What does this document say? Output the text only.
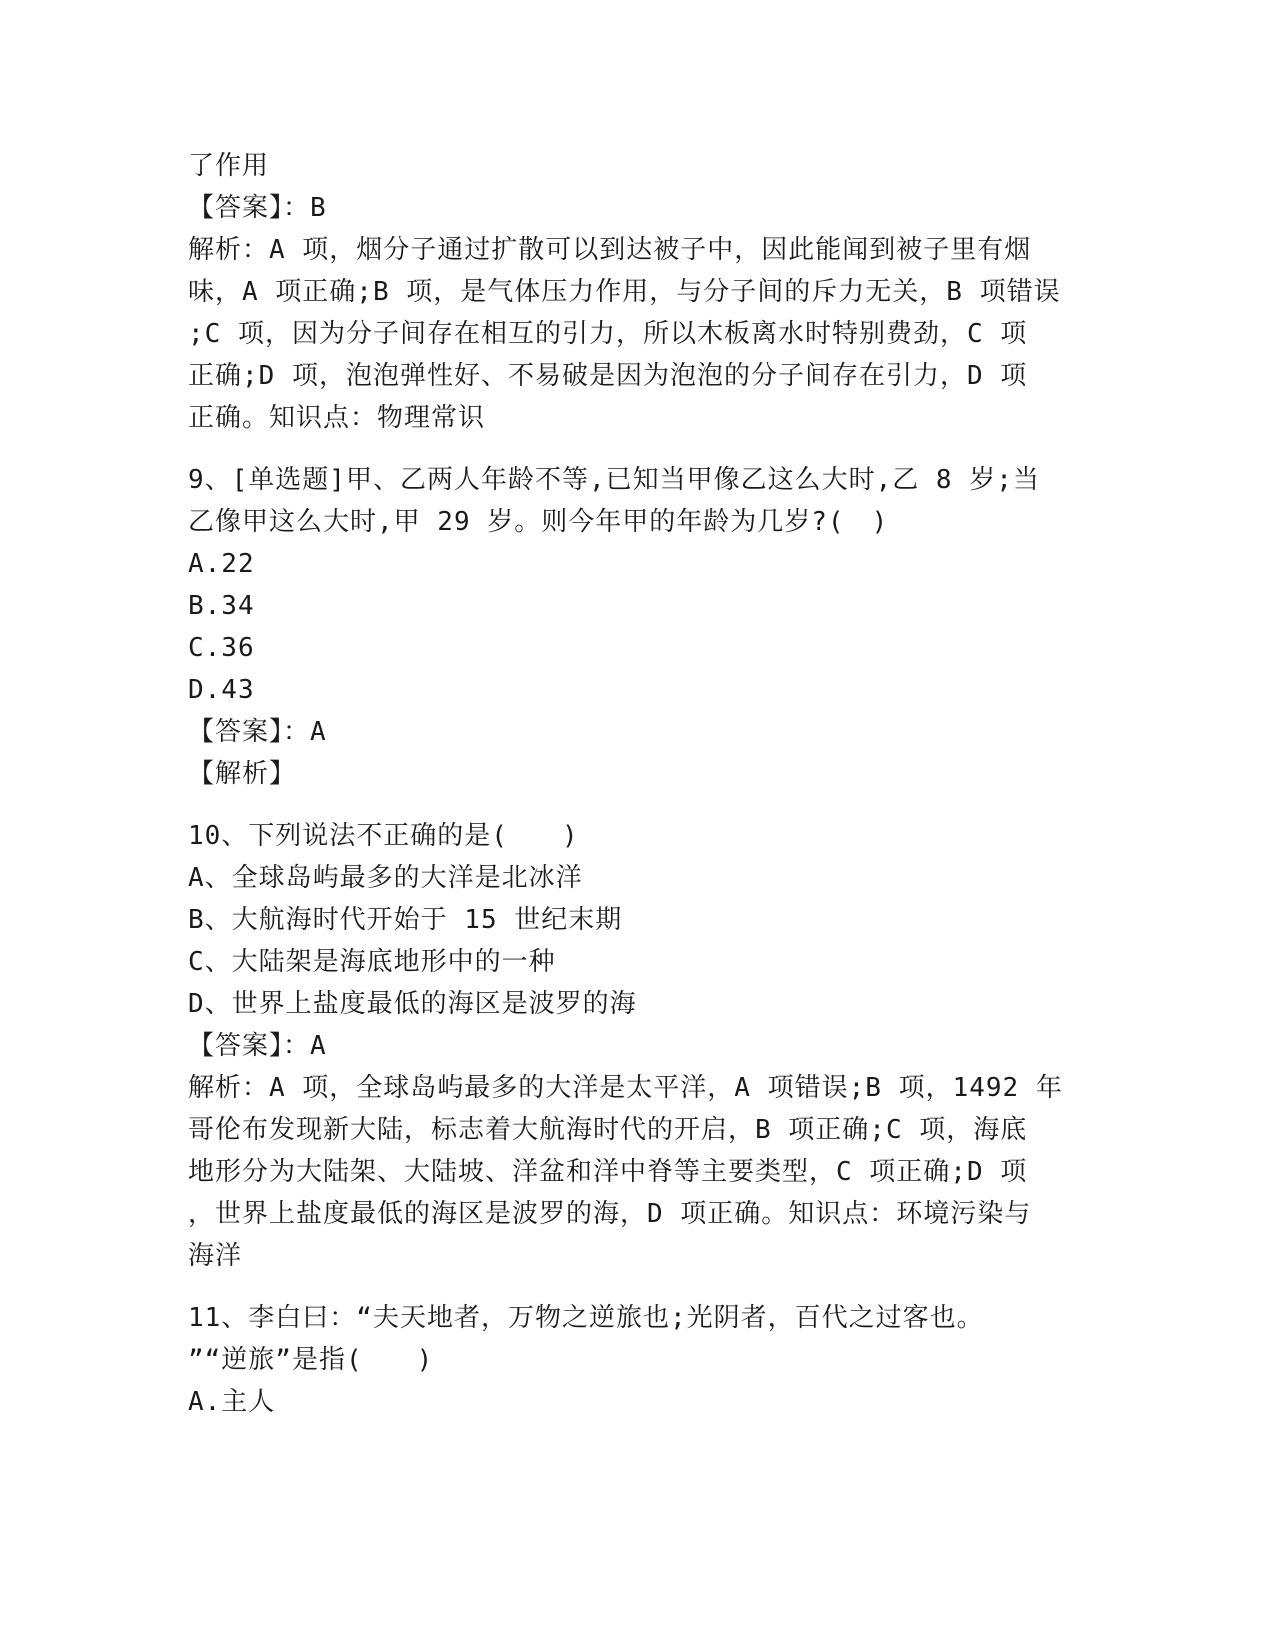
了作用
【答案】：B
解析：A 项，烟分子通过扩散可以到达被子中，因此能闻到被子里有烟
味，A 项正确;B 项，是气体压力作用，与分子间的斥力无关，B 项错误
;C 项，因为分子间存在相互的引力，所以木板离水时特别费劲，C 项
正确;D 项，泡泡弹性好、不易破是因为泡泡的分子间存在引力，D 项
正确。知识点：物理常识
9、[单选题]甲、乙两人年龄不等,已知当甲像乙这么大时,乙 8 岁;当
乙像甲这么大时,甲 29 岁。则今年甲的年龄为几岁?(　)
A.22
B.34
C.36
D.43
【答案】：A
【解析】
10、下列说法不正确的是(　　)
A、全球岛屿最多的大洋是北冰洋
B、大航海时代开始于 15 世纪末期
C、大陆架是海底地形中的一种
D、世界上盐度最低的海区是波罗的海
【答案】：A
解析：A 项，全球岛屿最多的大洋是太平洋，A 项错误;B 项，1492 年
哥伦布发现新大陆，标志着大航海时代的开启，B 项正确;C 项，海底
地形分为大陆架、大陆坡、洋盆和洋中脊等主要类型，C 项正确;D 项
，世界上盐度最低的海区是波罗的海，D 项正确。知识点：环境污染与
海洋
11、李白曰：“夫天地者，万物之逆旅也;光阴者，百代之过客也。
”“逆旅”是指(　　)
A.主人
